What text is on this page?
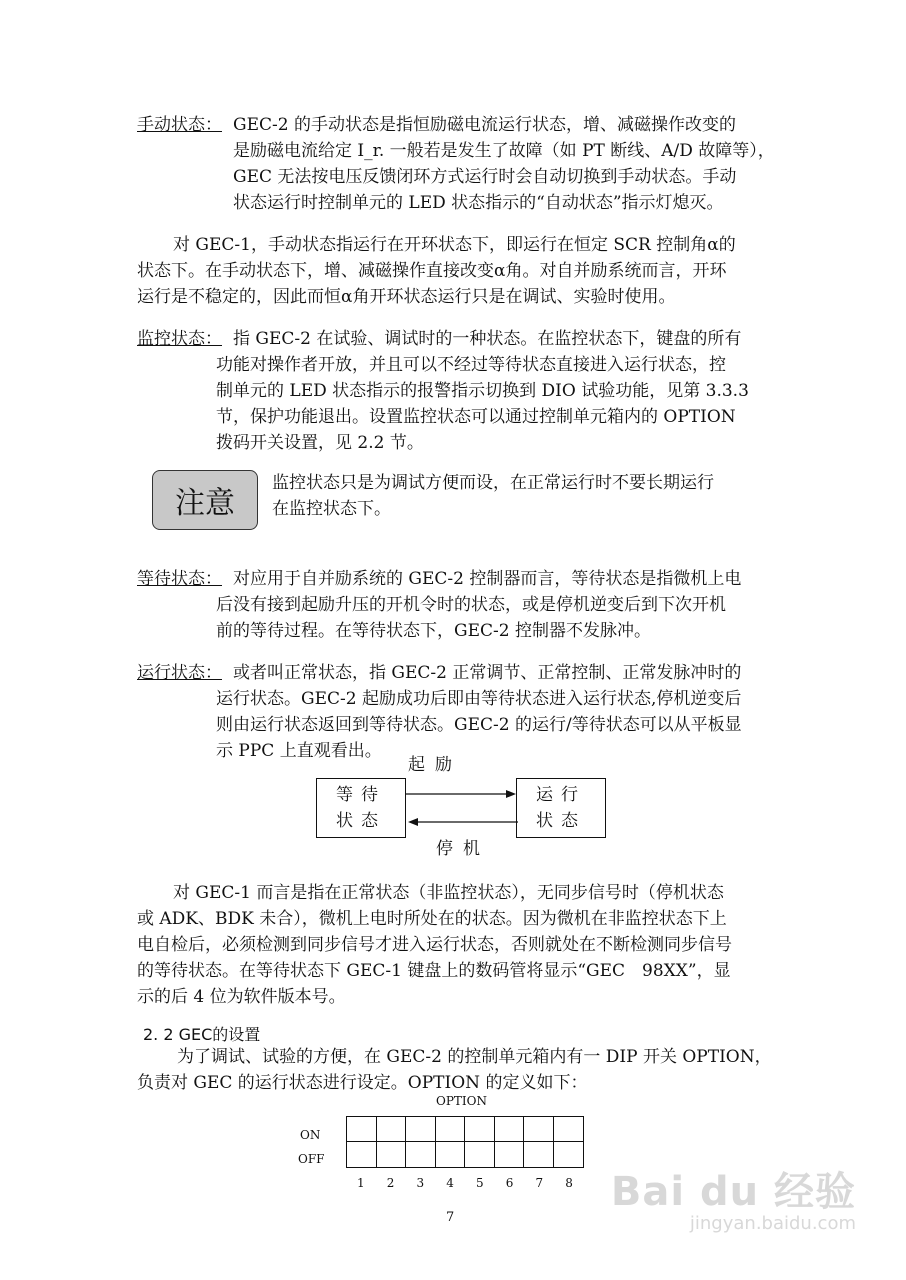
手动状态： GEC-2 的手动状态是指恒励磁电流运行状态，增、减磁操作改变的

是励磁电流给定 I_r. 一般若是发生了故障（如 PT 断线、A/D 故障等），

GEC 无法按电压反馈闭环方式运行时会自动切换到手动状态。手动

状态运行时控制单元的 LED 状态指示的“自动状态”指示灯熄灭。

对 GEC-1，手动状态指运行在开环状态下，即运行在恒定 SCR 控制角α的

状态下。在手动状态下，增、减磁操作直接改变α角。对自并励系统而言，开环

运行是不稳定的，因此而恒α角开环状态运行只是在调试、实验时使用。

监控状态： 指 GEC-2 在试验、调试时的一种状态。在监控状态下，键盘的所有

功能对操作者开放，并且可以不经过等待状态直接进入运行状态，控

制单元的 LED 状态指示的报警指示切换到 DIO 试验功能，见第 3.3.3

节，保护功能退出。设置监控状态可以通过控制单元箱内的 OPTION

拨码开关设置，见 2.2 节。

注意

监控状态只是为调试方便而设，在正常运行时不要长期运行

在监控状态下。

等待状态： 对应用于自并励系统的 GEC-2 控制器而言，等待状态是指微机上电

后没有接到起励升压的开机令时的状态，或是停机逆变后到下次开机

前的等待过程。在等待状态下，GEC-2 控制器不发脉冲。

运行状态： 或者叫正常状态，指 GEC-2 正常调节、正常控制、正常发脉冲时的

运行状态。GEC-2 起励成功后即由等待状态进入运行状态,停机逆变后

则由运行状态返回到等待状态。GEC-2 的运行/等待状态可以从平板显

示 PPC 上直观看出。

起励
等待
状态
运行
状态
停机

对 GEC-1 而言是指在正常状态（非监控状态），无同步信号时（停机状态

或 ADK、BDK 未合），微机上电时所处在的状态。因为微机在非监控状态下上

电自检后，必须检测到同步信号才进入运行状态，否则就处在不断检测同步信号

的等待状态。在等待状态下 GEC-1 键盘上的数码管将显示“GEC　98XX”，显

示的后 4 位为软件版本号。

2. 2 GEC的设置

为了调试、试验的方便，在 GEC-2 的控制单元箱内有一 DIP 开关 OPTION，

负责对 GEC 的运行状态进行设定。OPTION 的定义如下：

OPTION
ON
OFF
1	2	3	4	5	6	7	8
7
Bai du 经验
jingyan.baidu.com
